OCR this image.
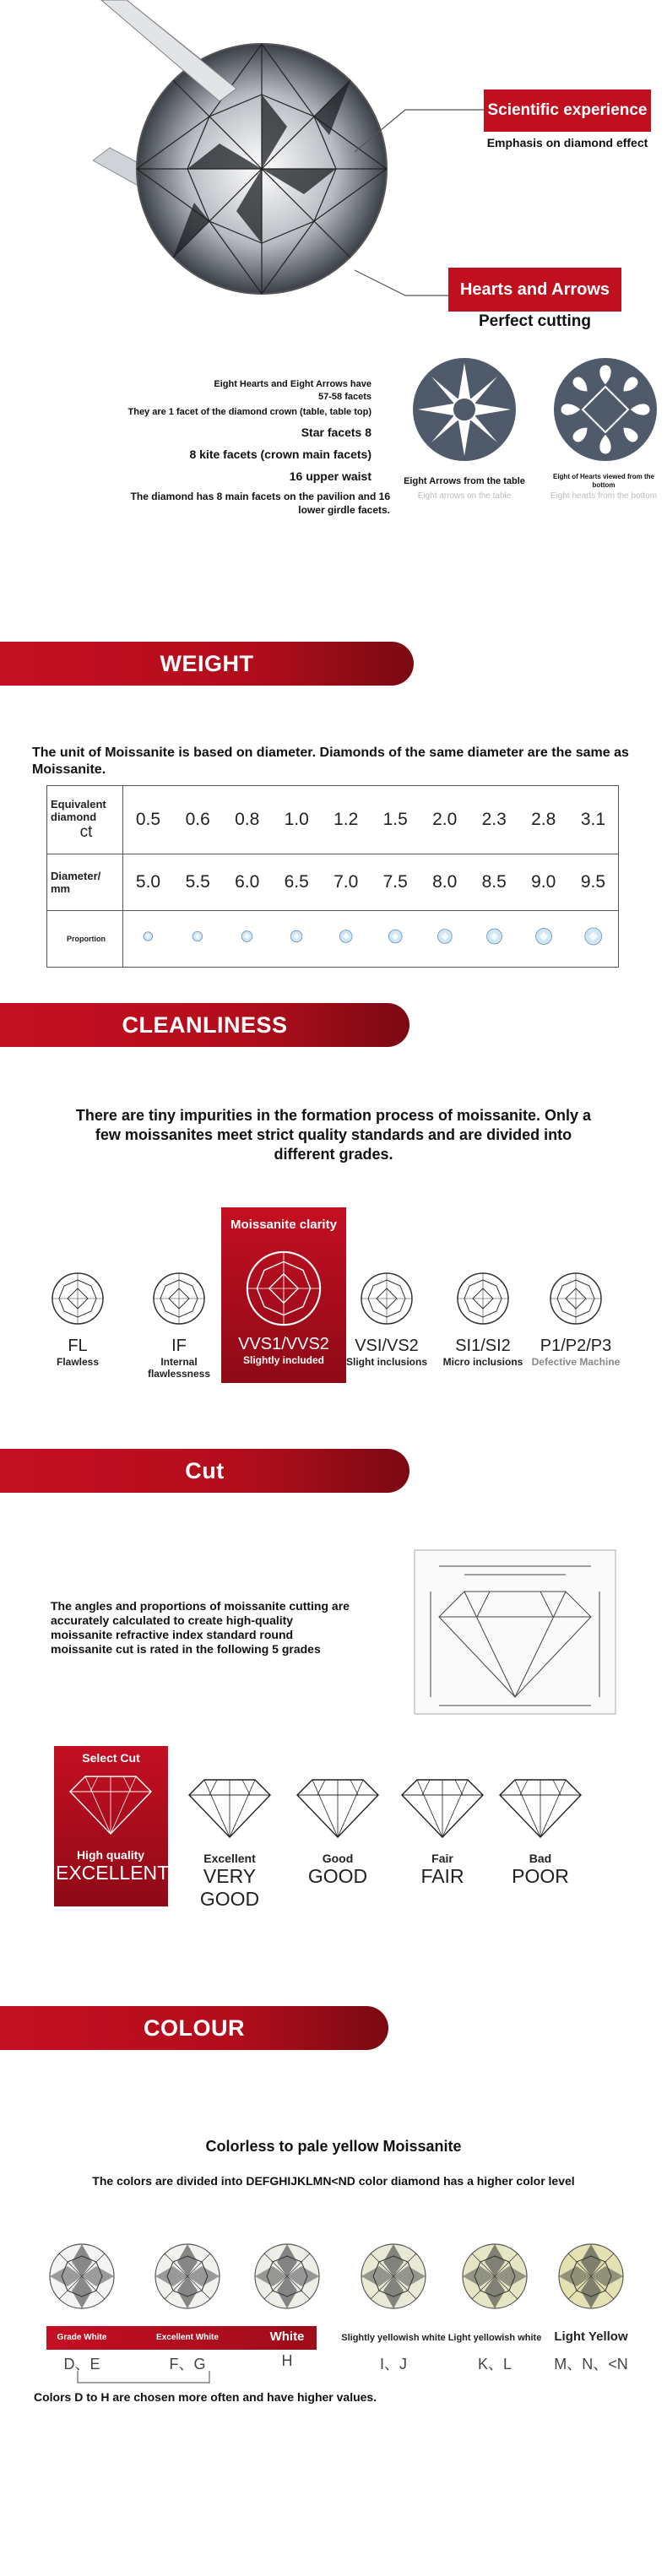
Scientific experience
Emphasis on diamond effect
Hearts and Arrows
Perfect cutting
Eight Hearts and Eight Arrows have 57-58 facets
They are 1 facet of the diamond crown (table, table top)
Star facets 8
8 kite facets (crown main facets)
16 upper waist
The diamond has 8 main facets on the pavilion and 16 lower girdle facets.
Eight Arrows from the table
Eight arrows on the table
Eight of Hearts viewed from the bottom
Eight hearts from the bottom
WEIGHT
The unit of Moissanite is based on diameter. Diamonds of the same diameter are the same as Moissanite.
Equivalent diamond
ct	0.5	0.6	0.8	1.0	1.2	1.5	2.0	2.3	2.8	3.1
Diameter/ mm	5.0	5.5	6.0	6.5	7.0	7.5	8.0	8.5	9.0	9.5
Proportion	
CLEANLINESS
There are tiny impurities in the formation process of moissanite. Only a few moissanites meet strict quality standards and are divided into different grades.
Moissanite clarity
FL
Flawless
IF
Internal flawlessness
VVS1/VVS2
Slightly included
VSI/VS2
Slight inclusions
SI1/SI2
Micro inclusions
P1/P2/P3
Defective Machine
Cut
The angles and proportions of moissanite cutting are accurately calculated to create high-quality moissanite refractive index standard round moissanite cut is rated in the following 5 grades
Select Cut
High quality
EXCELLENT
Excellent
VERY GOOD
Good
GOOD
Fair
FAIR
Bad
POOR
COLOUR
Colorless to pale yellow Moissanite
The colors are divided into DEFGHIJKLMN<ND color diamond has a higher color level
Grade White
D、E
Excellent White
F、G
White
H
Slightly yellowish white
I、J
Light yellowish white
K、L
Light Yellow
M、N、<N
Colors D to H are chosen more often and have higher values.
